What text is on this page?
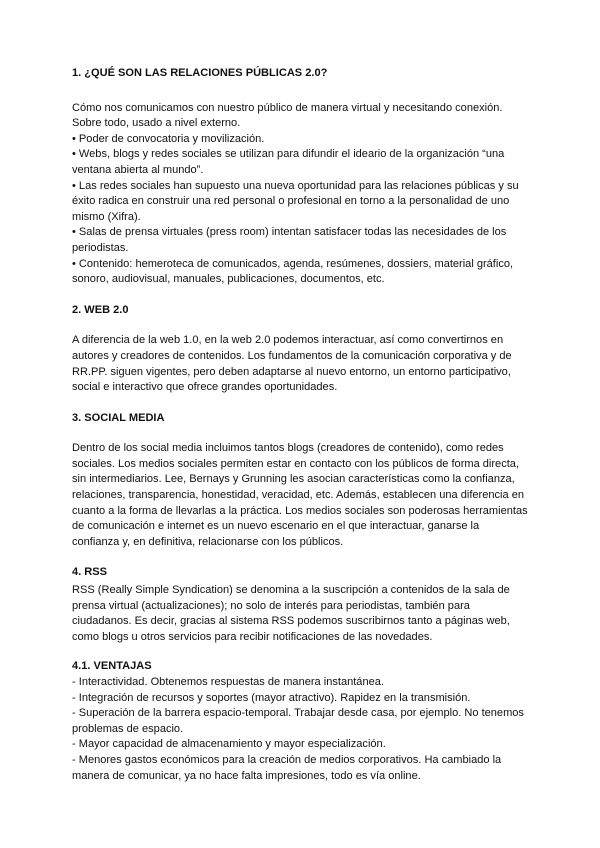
1. ¿QUÉ SON LAS RELACIONES PÚBLICAS 2.0?

Cómo nos comunicamos con nuestro público de manera virtual y necesitando conexión. Sobre todo, usado a nivel externo.

• Poder de convocatoria y movilización.
• Webs, blogs y redes sociales se utilizan para difundir el ideario de la organización “una ventana abierta al mundo”.
• Las redes sociales han supuesto una nueva oportunidad para las relaciones públicas y su éxito radica en construir una red personal o profesional en torno a la personalidad de uno mismo (Xifra).
• Salas de prensa virtuales (press room) intentan satisfacer todas las necesidades de los periodistas.
• Contenido: hemeroteca de comunicados, agenda, resúmenes, dossiers, material gráfico, sonoro, audiovisual, manuales, publicaciones, documentos, etc.
2. WEB 2.0

A diferencia de la web 1.0, en la web 2.0 podemos interactuar, así como convertirnos en autores y creadores de contenidos. Los fundamentos de la comunicación corporativa y de RR.PP. siguen vigentes, pero deben adaptarse al nuevo entorno, un entorno participativo, social e interactivo que ofrece grandes oportunidades.

3. SOCIAL MEDIA

Dentro de los social media incluimos tantos blogs (creadores de contenido), como redes sociales. Los medios sociales permiten estar en contacto con los públicos de forma directa, sin intermediarios. Lee, Bernays y Grunning les asocian características como la confianza, relaciones, transparencia, honestidad, veracidad, etc. Además, establecen una diferencia en cuanto a la forma de llevarlas a la práctica. Los medios sociales son poderosas herramientas de comunicación e internet es un nuevo escenario en el que interactuar, ganarse la confianza y, en definitiva, relacionarse con los públicos.

4. RSS

RSS (Really Simple Syndication) se denomina a la suscripción a contenidos de la sala de prensa virtual (actualizaciones); no solo de interés para periodistas, también para ciudadanos. Es decir, gracias al sistema RSS podemos suscribirnos tanto a páginas web, como blogs u otros servicios para recibir notificaciones de las novedades.

4.1. VENTAJAS
- Interactividad. Obtenemos respuestas de manera instantánea.
- Integración de recursos y soportes (mayor atractivo). Rapidez en la transmisión.
- Superación de la barrera espacio-temporal. Trabajar desde casa, por ejemplo. No tenemos problemas de espacio.
- Mayor capacidad de almacenamiento y mayor especialización.
- Menores gastos económicos para la creación de medios corporativos. Ha cambiado la manera de comunicar, ya no hace falta impresiones, todo es vía online.
